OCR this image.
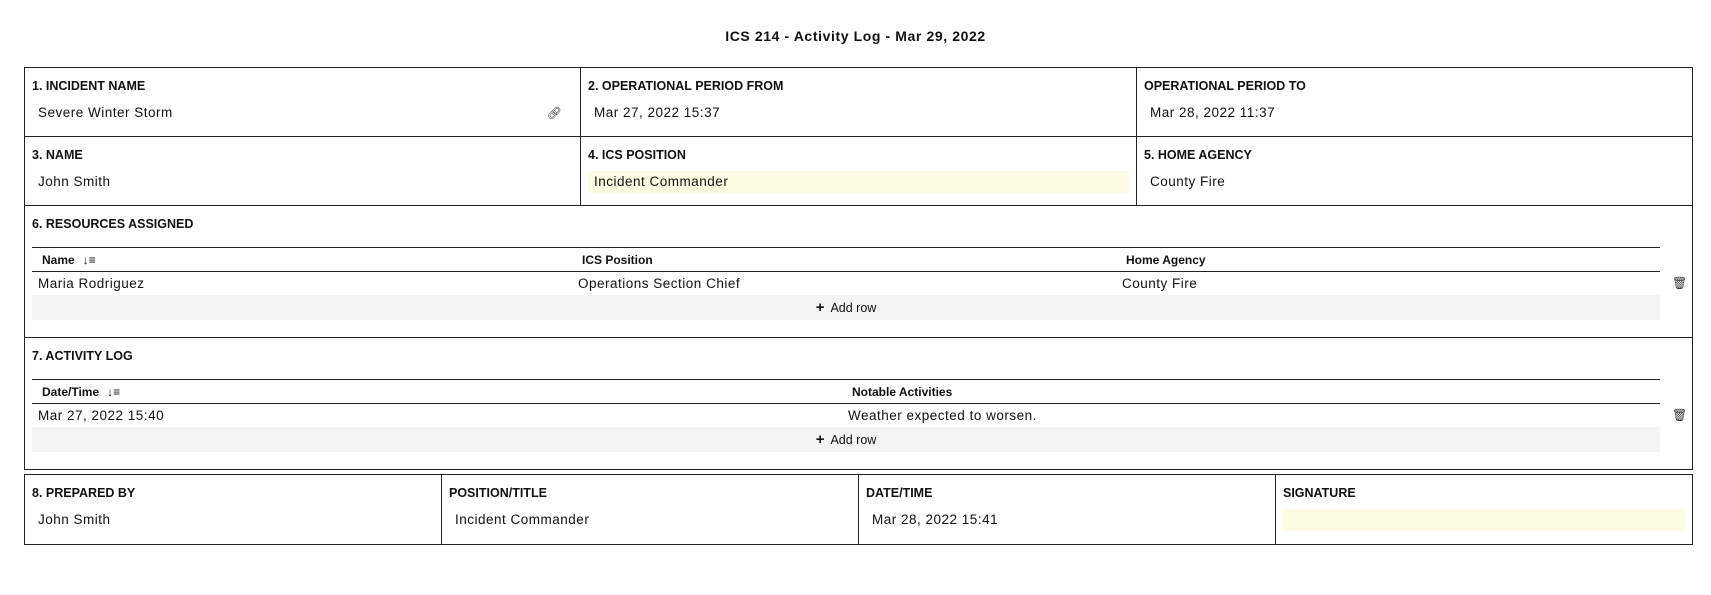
ICS 214 - Activity Log - Mar 29, 2022
1. INCIDENT NAME
Severe Winter Storm	🔗︎
2. OPERATIONAL PERIOD FROM
Mar 27, 2022 15:37
OPERATIONAL PERIOD TO
Mar 28, 2022 11:37
3. NAME
John Smith
4. ICS POSITION
Incident Commander
5. HOME AGENCY
County Fire
6. RESOURCES ASSIGNED
Name ↓≡	ICS Position	Home Agency
Maria Rodriguez	Operations Section Chief	County Fire	🗑︎
+ Add row
7. ACTIVITY LOG
Date/Time ↓≡	Notable Activities
Mar 27, 2022 15:40	Weather expected to worsen.	🗑︎
+ Add row
8. PREPARED BY
John Smith
POSITION/TITLE
Incident Commander
DATE/TIME
Mar 28, 2022 15:41
SIGNATURE
